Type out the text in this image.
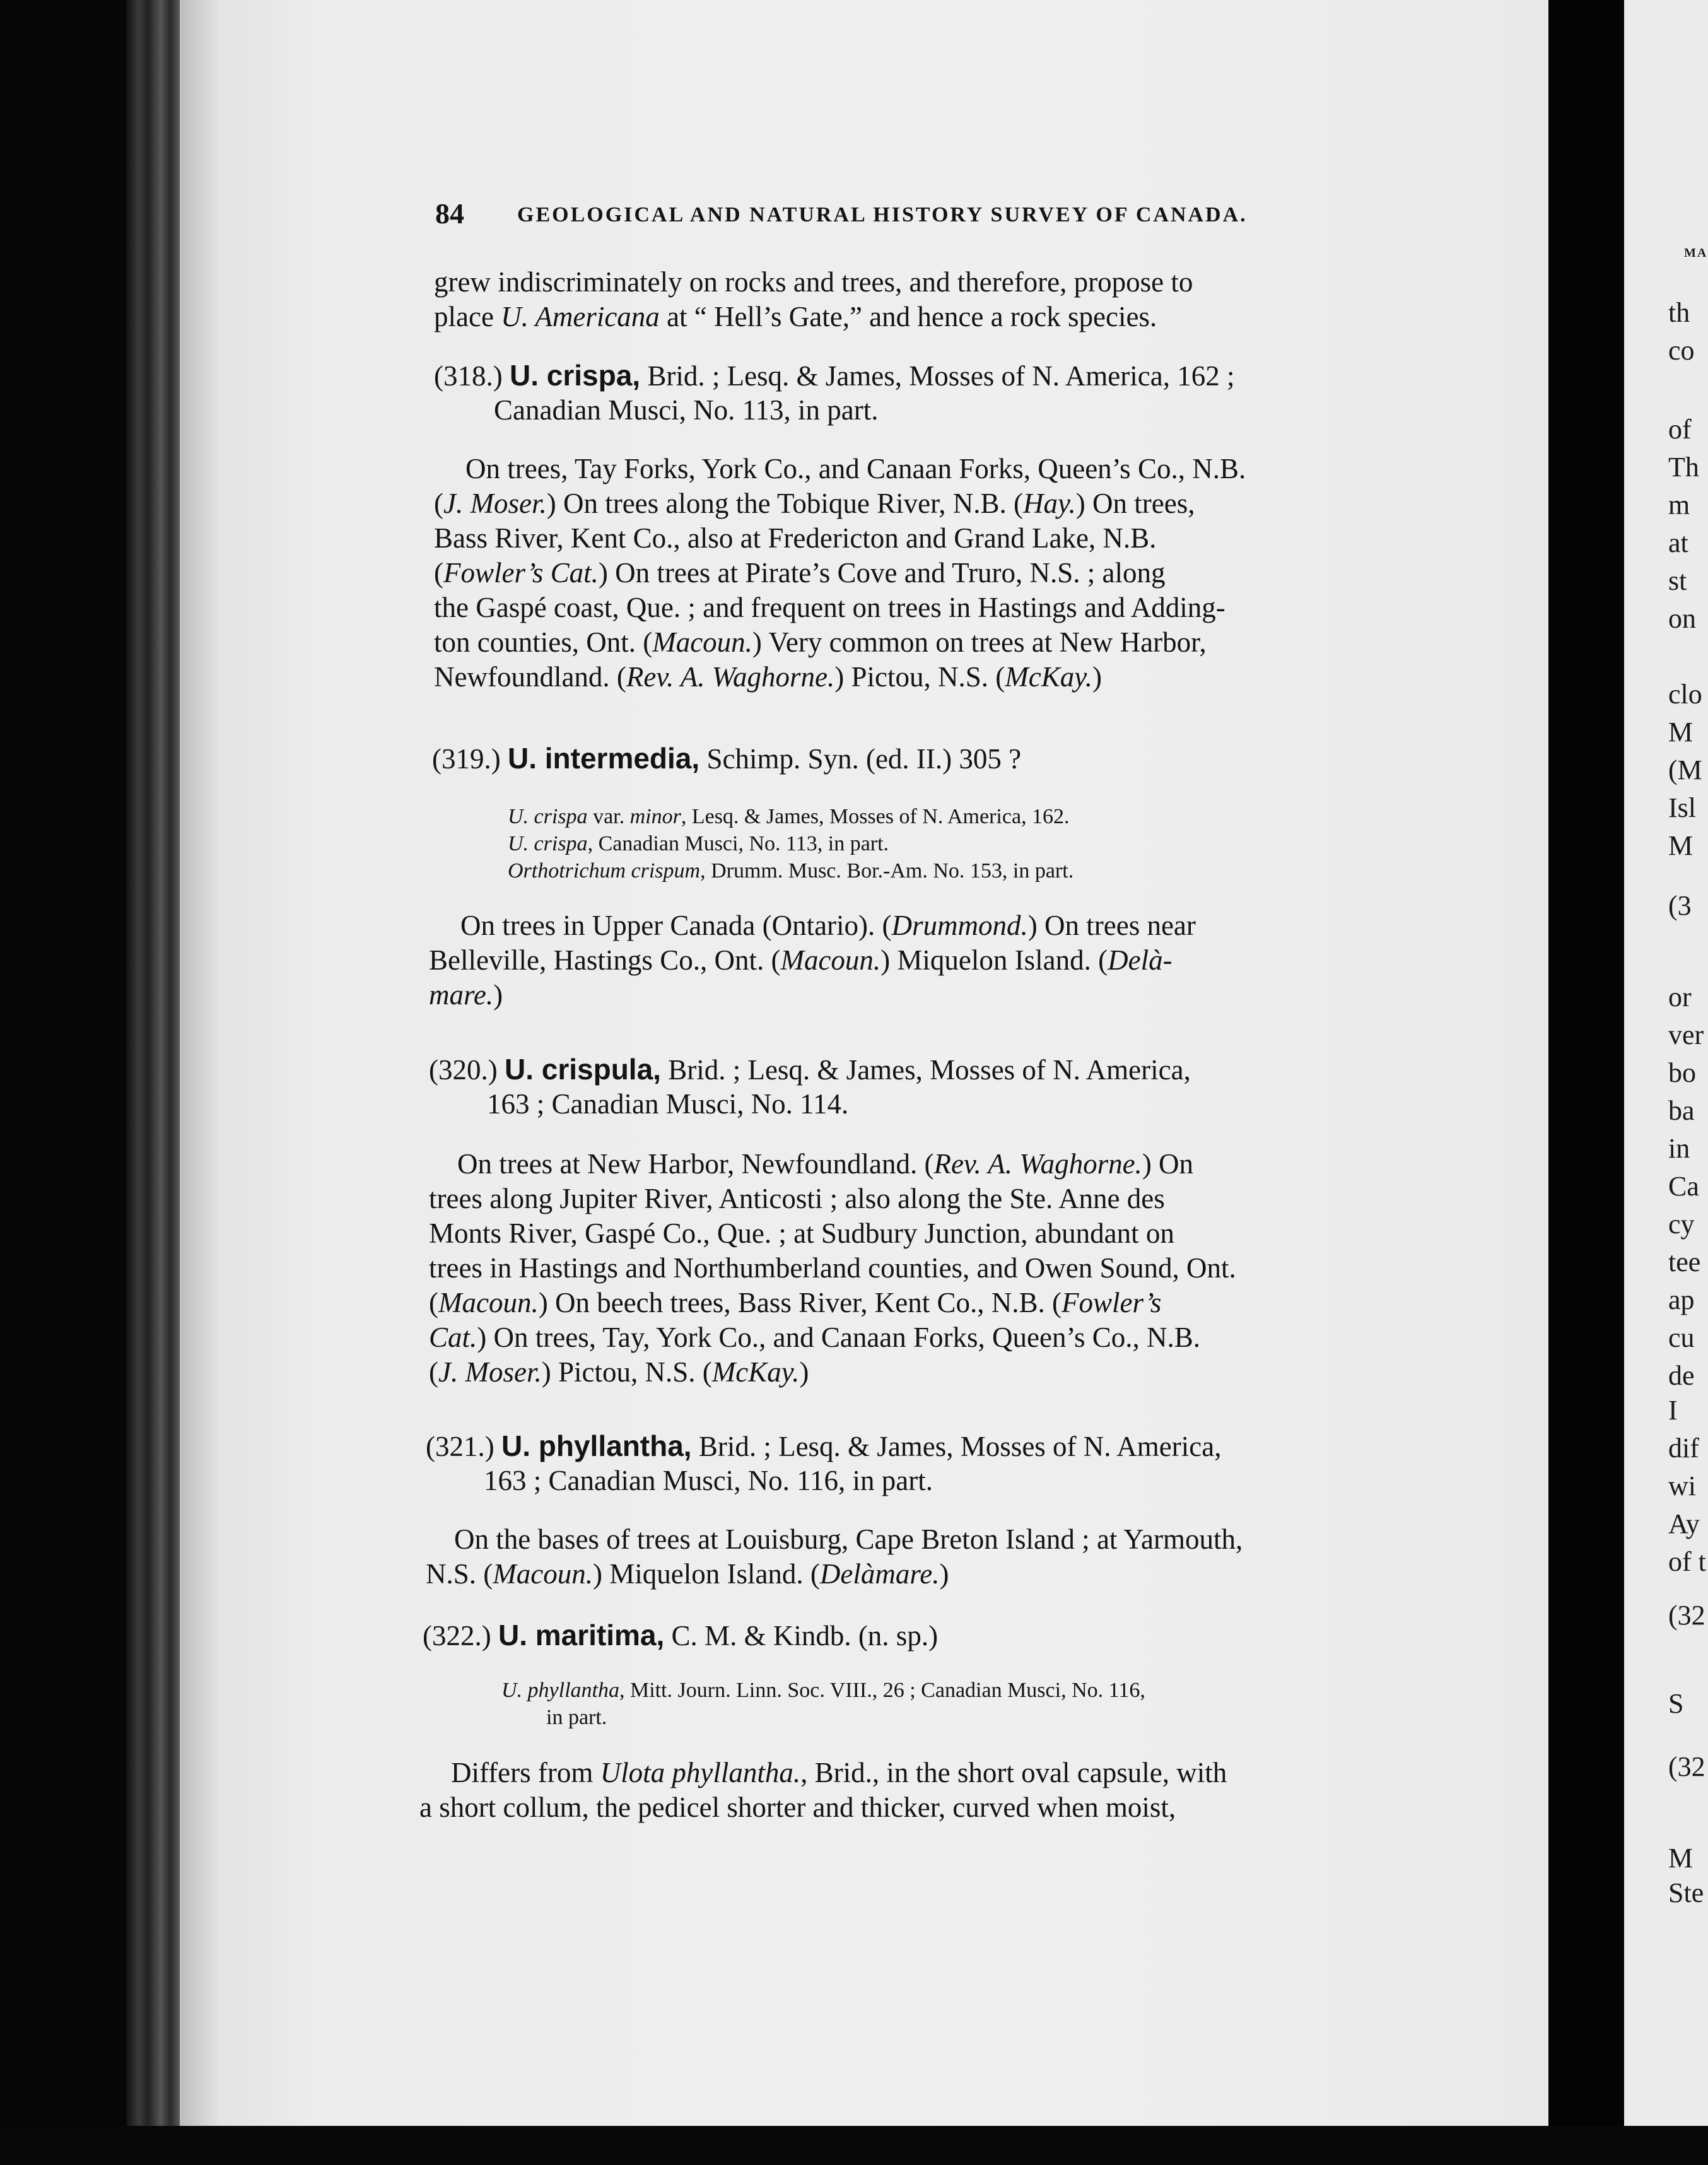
MA
th
co
of
Th
m
at
st
on
clo
M
(M
Isl
M
(3
or
ver
bo
ba
in
Ca
cy
tee
ap
cu
de
I
dif
wi
Ay
of t
(32
S
(32
M
Ste
84 GEOLOGICAL AND NATURAL HISTORY SURVEY OF CANADA.
grew indiscriminately on rocks and trees, and therefore, propose to
place U. Americana at “ Hell’s Gate,” and hence a rock species.
(318.) U. crispa, Brid. ; Lesq. & James, Mosses of N. America, 162 ;
Canadian Musci, No. 113, in part.
On trees, Tay Forks, York Co., and Canaan Forks, Queen’s Co., N.B.
(J. Moser.) On trees along the Tobique River, N.B. (Hay.) On trees,
Bass River, Kent Co., also at Fredericton and Grand Lake, N.B.
(Fowler’s Cat.) On trees at Pirate’s Cove and Truro, N.S. ; along
the Gaspé coast, Que. ; and frequent on trees in Hastings and Adding-
ton counties, Ont. (Macoun.) Very common on trees at New Harbor,
Newfoundland. (Rev. A. Waghorne.) Pictou, N.S. (McKay.)
(319.) U. intermedia, Schimp. Syn. (ed. II.) 305 ?
U. crispa var. minor, Lesq. & James, Mosses of N. America, 162.
U. crispa, Canadian Musci, No. 113, in part.
Orthotrichum crispum, Drumm. Musc. Bor.-Am. No. 153, in part.
On trees in Upper Canada (Ontario). (Drummond.) On trees near
Belleville, Hastings Co., Ont. (Macoun.) Miquelon Island. (Delà-
mare.)
(320.) U. crispula, Brid. ; Lesq. & James, Mosses of N. America,
163 ; Canadian Musci, No. 114.
On trees at New Harbor, Newfoundland. (Rev. A. Waghorne.) On
trees along Jupiter River, Anticosti ; also along the Ste. Anne des
Monts River, Gaspé Co., Que. ; at Sudbury Junction, abundant on
trees in Hastings and Northumberland counties, and Owen Sound, Ont.
(Macoun.) On beech trees, Bass River, Kent Co., N.B. (Fowler’s
Cat.) On trees, Tay, York Co., and Canaan Forks, Queen’s Co., N.B.
(J. Moser.) Pictou, N.S. (McKay.)
(321.) U. phyllantha, Brid. ; Lesq. & James, Mosses of N. America,
163 ; Canadian Musci, No. 116, in part.
On the bases of trees at Louisburg, Cape Breton Island ; at Yarmouth,
N.S. (Macoun.) Miquelon Island. (Delàmare.)
(322.) U. maritima, C. M. & Kindb. (n. sp.)
U. phyllantha, Mitt. Journ. Linn. Soc. VIII., 26 ; Canadian Musci, No. 116,
in part.
Differs from Ulota phyllantha., Brid., in the short oval capsule, with
a short collum, the pedicel shorter and thicker, curved when moist,
